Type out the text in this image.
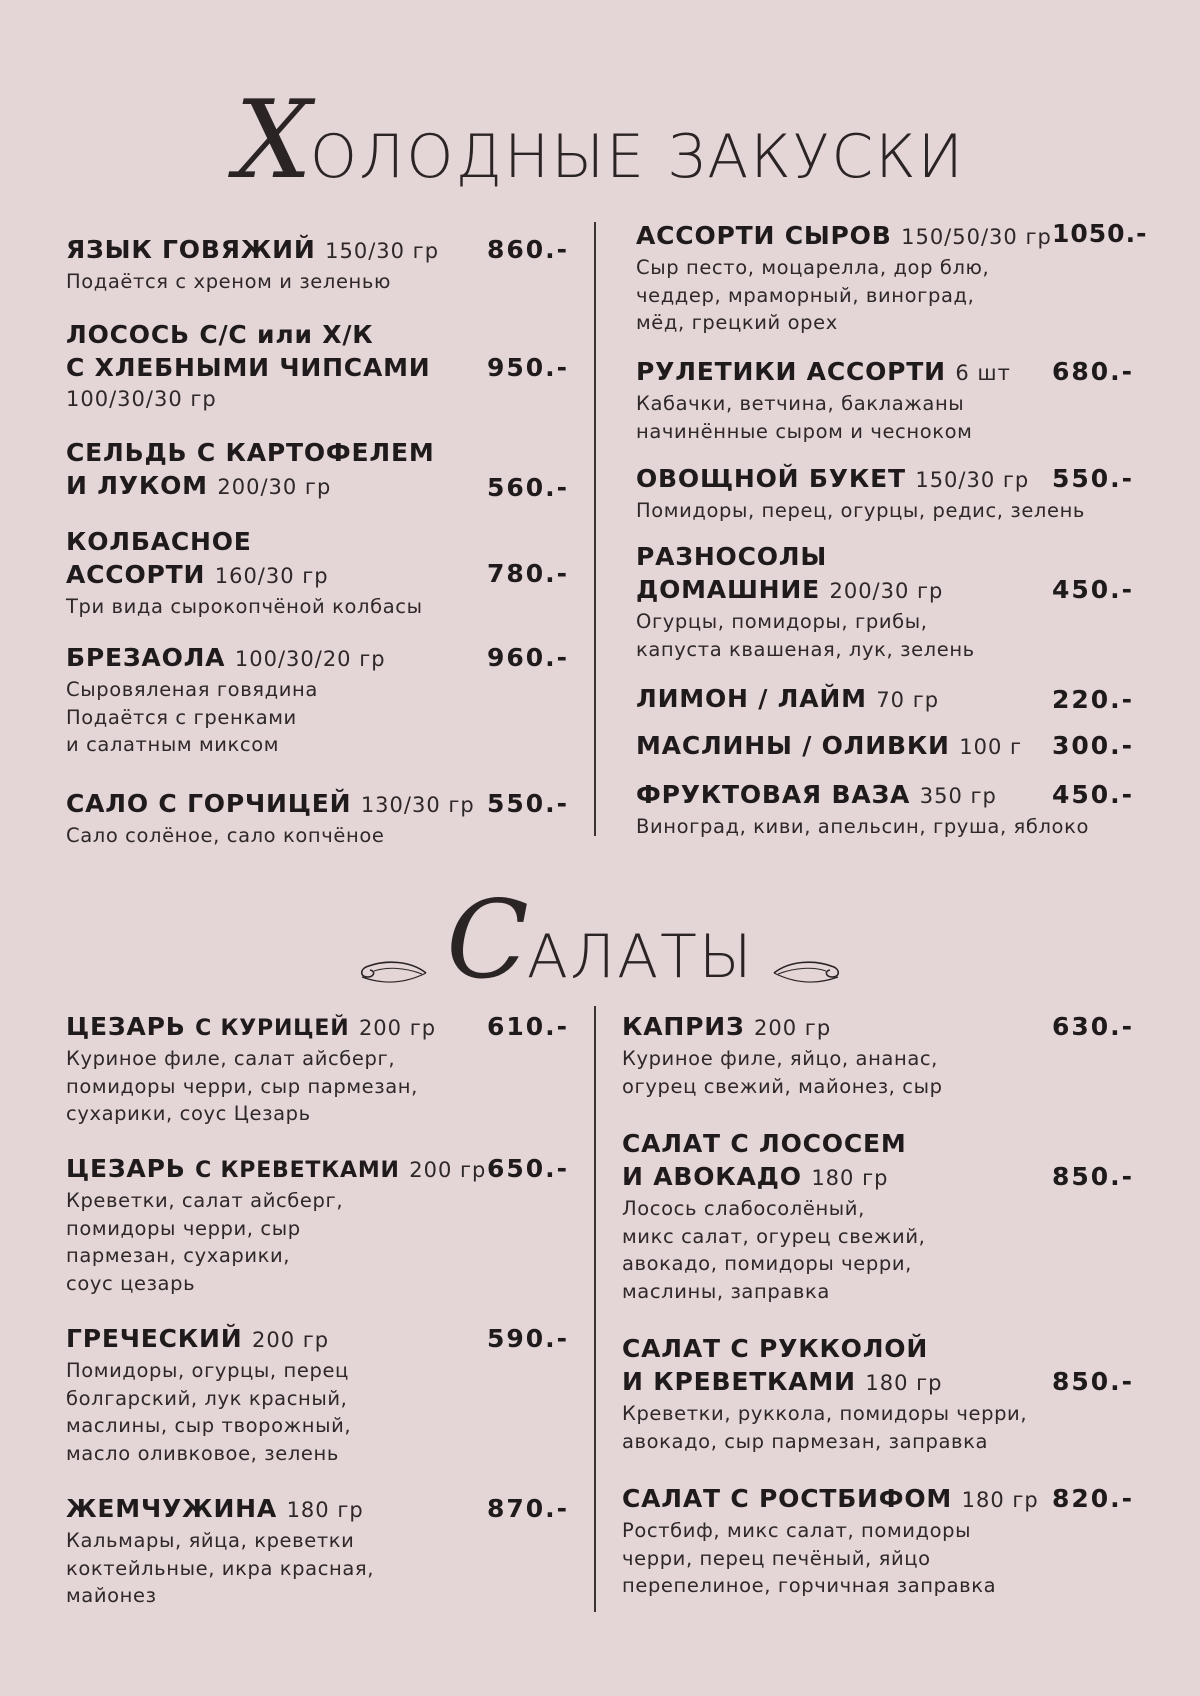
ХОЛОДНЫЕ ЗАКУСКИ
ЯЗЫК ГОВЯЖИЙ 150/30 гр
Подаётся с хреном и зеленью
860.-
ЛОСОСЬ С/С или Х/К
С ХЛЕБНЫМИ ЧИПСАМИ
100/30/30 гр
950.-
СЕЛЬДЬ С КАРТОФЕЛЕМ
И ЛУКОМ 200/30 гр	560.-
КОЛБАСНОЕ
АССОРТИ 160/30 гр
Три вида сырокопчёной колбасы
780.-
БРЕЗАОЛА 100/30/20 гр
Сыровяленая говядина
Подаётся с гренками
и салатным миксом
960.-
САЛО С ГОРЧИЦЕЙ 130/30 гр
Сало солёное, сало копчёное
550.-
АССОРТИ СЫРОВ 150/50/30 гр
Сыр песто, моцарелла, дор блю,
чеддер, мраморный, виноград,
мёд, грецкий орех
1050.-
РУЛЕТИКИ АССОРТИ 6 шт
Кабачки, ветчина, баклажаны
начинённые сыром и чесноком
680.-
ОВОЩНОЙ БУКЕТ 150/30 гр
Помидоры, перец, огурцы, редис, зелень
550.-
РАЗНОСОЛЫ
ДОМАШНИЕ 200/30 гр
Огурцы, помидоры, грибы,
капуста квашеная, лук, зелень
450.-
ЛИМОН / ЛАЙМ 70 гр	220.-
МАСЛИНЫ / ОЛИВКИ 100 г 300.-
ФРУКТОВАЯ ВАЗА 350 гр
Виноград, киви, апельсин, груша, яблоко
450.-
САЛАТЫ
ЦЕЗАРЬ С КУРИЦЕЙ 200 гр
Куриное филе, салат айсберг,
помидоры черри, сыр пармезан,
сухарики, соус Цезарь
610.-
ЦЕЗАРЬ С КРЕВЕТКАМИ 200 гр
Креветки, салат айсберг,
помидоры черри, сыр
пармезан, сухарики,
соус цезарь
650.-
ГРЕЧЕСКИЙ 200 гр
Помидоры, огурцы, перец
болгарский, лук красный,
маслины, сыр творожный,
масло оливковое, зелень
590.-
ЖЕМЧУЖИНА 180 гр
Кальмары, яйца, креветки
коктейльные, икра красная,
майонез
870.-
КАПРИЗ 200 гр
Куриное филе, яйцо, ананас,
огурец свежий, майонез, сыр
630.-
САЛАТ С ЛОСОСЕМ
И АВОКАДО 180 гр
Лосось слабосолёный,
микс салат, огурец свежий,
авокадо, помидоры черри,
маслины, заправка
850.-
САЛАТ С РУККОЛОЙ
И КРЕВЕТКАМИ 180 гр
Креветки, руккола, помидоры черри,
авокадо, сыр пармезан, заправка
850.-
САЛАТ С РОСТБИФОМ 180 гр
Ростбиф, микс салат, помидоры
черри, перец печёный, яйцо
перепелиное, горчичная заправка
820.-
